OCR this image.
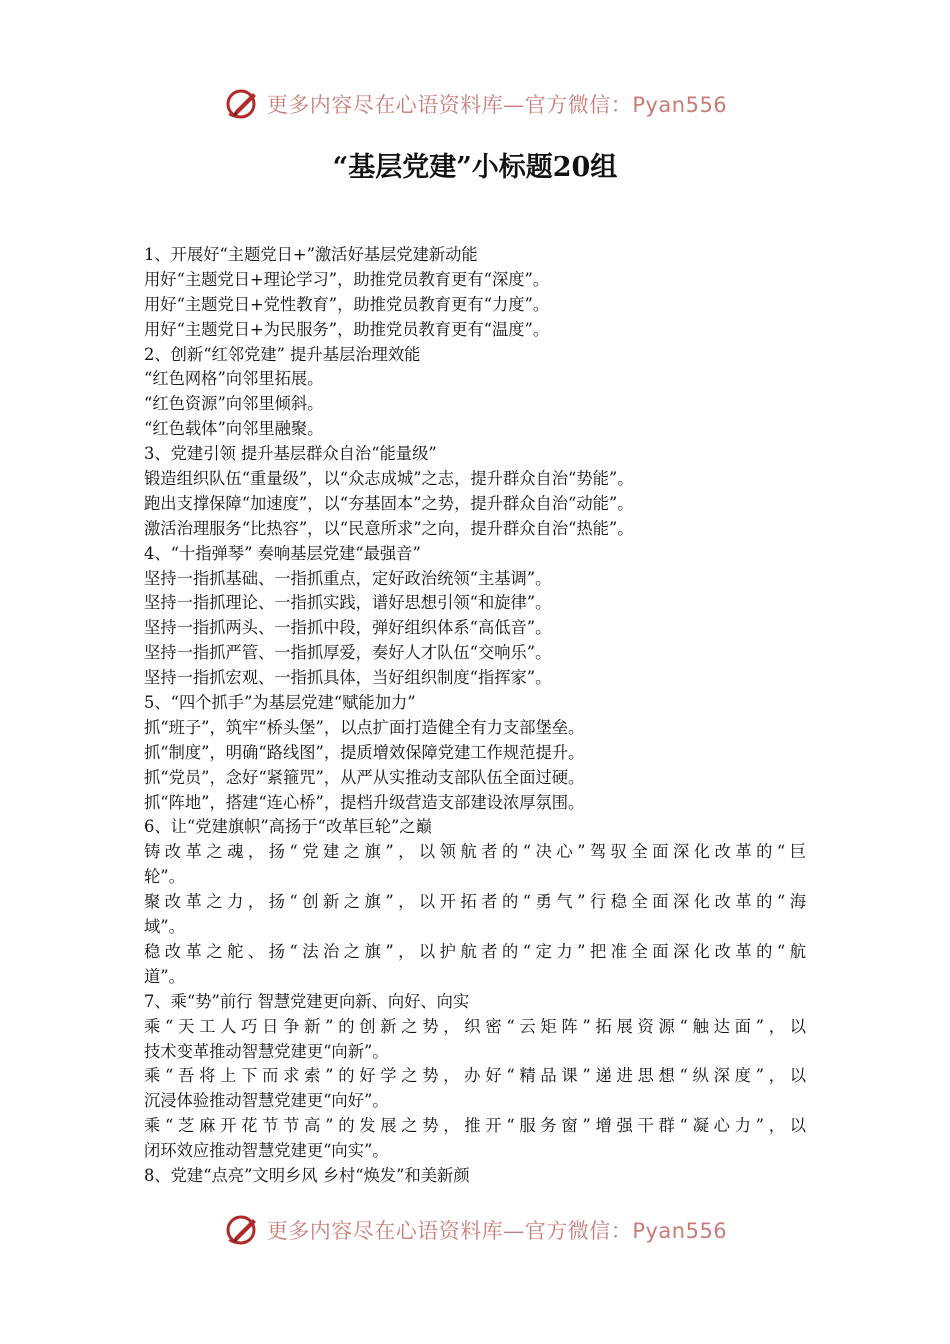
更多内容尽在心语资料库—官方微信：Pyan556
“基层党建”小标题20组

1、开展好“主题党日+”激活好基层党建新动能

用好“主题党日+理论学习”，助推党员教育更有“深度”。

用好“主题党日+党性教育”，助推党员教育更有“力度”。

用好“主题党日+为民服务”，助推党员教育更有“温度”。

2、创新“红邻党建” 提升基层治理效能

“红色网格”向邻里拓展。

“红色资源”向邻里倾斜。

“红色载体”向邻里融聚。

3、党建引领 提升基层群众自治“能量级”

锻造组织队伍“重量级”，以“众志成城”之志，提升群众自治“势能”。

跑出支撑保障“加速度”，以“夯基固本”之势，提升群众自治“动能”。

激活治理服务“比热容”，以“民意所求”之向，提升群众自治“热能”。

4、“十指弹琴” 奏响基层党建“最强音”

坚持一指抓基础、一指抓重点，定好政治统领“主基调”。

坚持一指抓理论、一指抓实践，谱好思想引领“和旋律”。

坚持一指抓两头、一指抓中段，弹好组织体系“高低音”。

坚持一指抓严管、一指抓厚爱，奏好人才队伍“交响乐”。

坚持一指抓宏观、一指抓具体，当好组织制度“指挥家”。

5、“四个抓手”为基层党建“赋能加力”

抓“班子”，筑牢“桥头堡”，以点扩面打造健全有力支部堡垒。

抓“制度”，明确“路线图”，提质增效保障党建工作规范提升。

抓“党员”，念好“紧箍咒”，从严从实推动支部队伍全面过硬。

抓“阵地”，搭建“连心桥”，提档升级营造支部建设浓厚氛围。

6、让“党建旗帜”高扬于“改革巨轮”之巅

铸改革之魂，扬“党建之旗”，以领航者的“决心”驾驭全面深化改革的“巨

轮”。

聚改革之力，扬“创新之旗”，以开拓者的“勇气”行稳全面深化改革的“海

域”。

稳改革之舵、扬“法治之旗”，以护航者的“定力”把准全面深化改革的“航

道”。

7、乘“势”前行 智慧党建更向新、向好、向实

乘“天工人巧日争新”的创新之势，织密“云矩阵”拓展资源“触达面”，以

技术变革推动智慧党建更“向新”。

乘“吾将上下而求索”的好学之势，办好“精品课”递进思想“纵深度”，以

沉浸体验推动智慧党建更“向好”。

乘“芝麻开花节节高”的发展之势，推开“服务窗”增强干群“凝心力”，以

闭环效应推动智慧党建更“向实”。

8、党建“点亮”文明乡风 乡村“焕发”和美新颜

更多内容尽在心语资料库—官方微信：Pyan556
